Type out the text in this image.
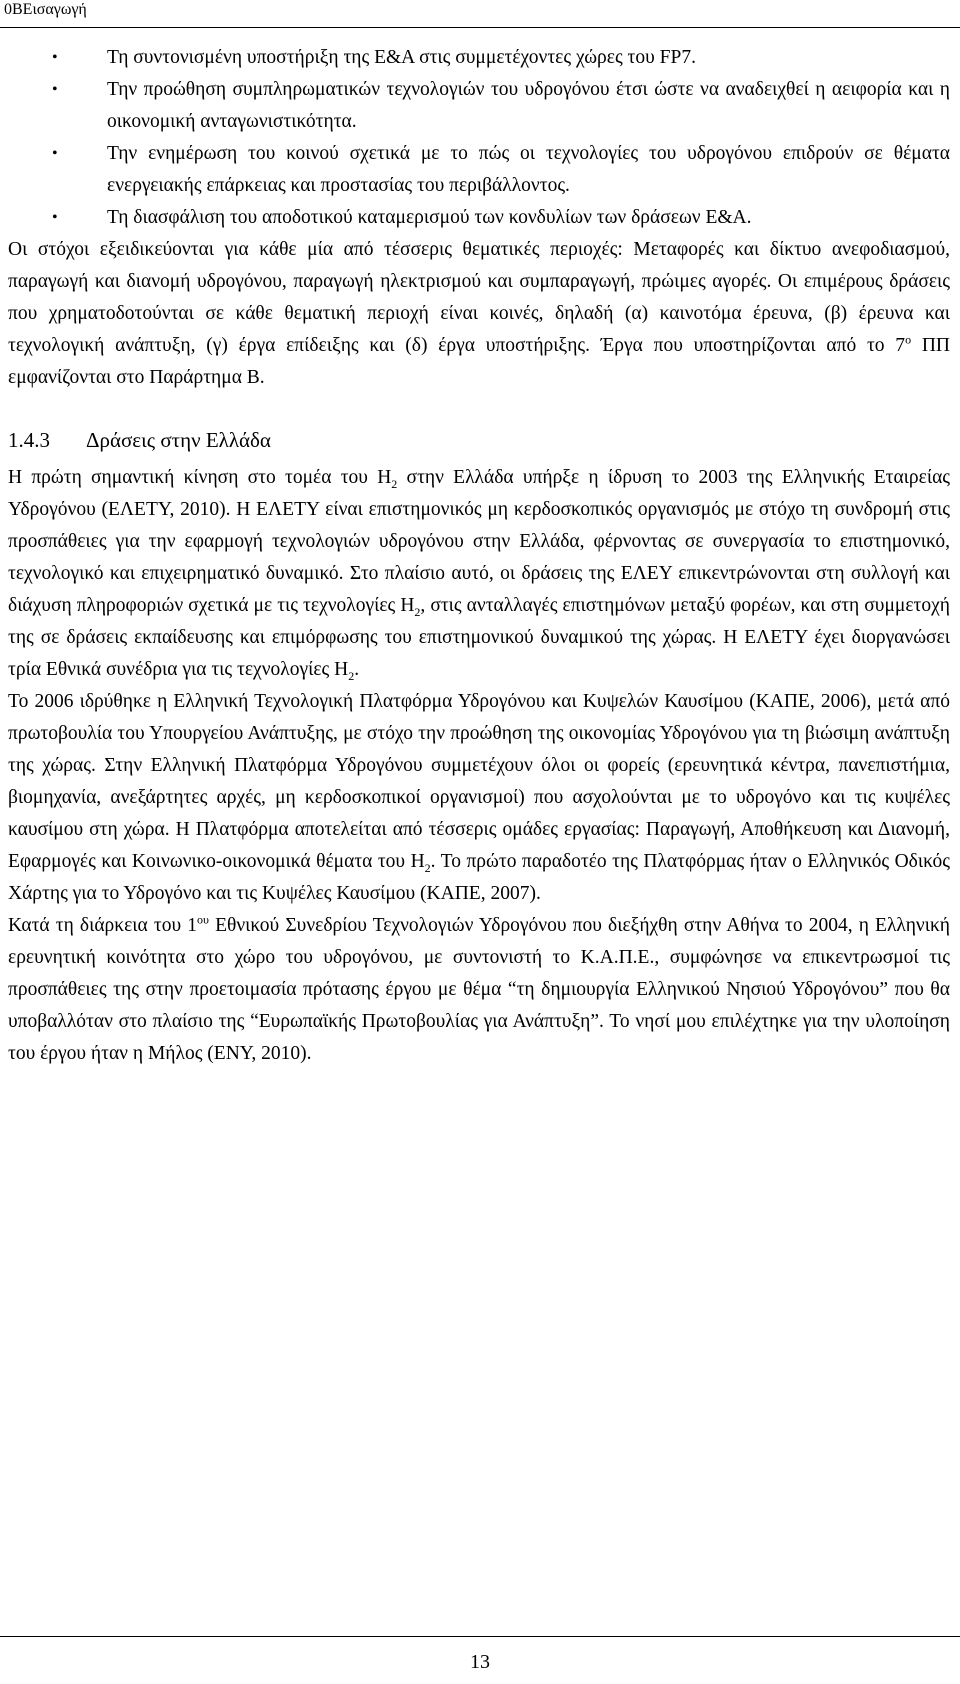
0ΒΕισαγωγή
•	Τη συντονισμένη υποστήριξη της Ε&Α στις συμμετέχοντες χώρες του FP7.
•	Την προώθηση συμπληρωματικών τεχνολογιών του υδρογόνου έτσι ώστε να αναδειχθεί η αειφορία και η οικονομική ανταγωνιστικότητα.
•	Την ενημέρωση του κοινού σχετικά με το πώς οι τεχνολογίες του υδρογόνου επιδρούν σε θέματα ενεργειακής επάρκειας και προστασίας του περιβάλλοντος.
•	Τη διασφάλιση του αποδοτικού καταμερισμού των κονδυλίων των δράσεων Ε&Α.

Οι στόχοι εξειδικεύονται για κάθε μία από τέσσερις θεματικές περιοχές: Μεταφορές και δίκτυο ανεφοδιασμού, παραγωγή και διανομή υδρογόνου, παραγωγή ηλεκτρισμού και συμπαραγωγή, πρώιμες αγορές. Οι επιμέρους δράσεις που χρηματοδοτούνται σε κάθε θεματική περιοχή είναι κοινές, δηλαδή (α) καινοτόμα έρευνα, (β) έρευνα και τεχνολογική ανάπτυξη, (γ) έργα επίδειξης και (δ) έργα υποστήριξης. Έργα που υποστηρίζονται από το $7^o$ ΠΠ εμφανίζονται στο Παράρτημα Β.

1.4.3 Δράσεις στην Ελλάδα

Η πρώτη σημαντική κίνηση στο τομέα του $H_2$ στην Ελλάδα υπήρξε η ίδρυση το 2003 της Ελληνικής Εταιρείας Υδρογόνου (ΕΛΕΤΥ, 2010). Η ΕΛΕΤΥ είναι επιστημονικός μη κερδοσκοπικός οργανισμός με στόχο τη συνδρομή στις προσπάθειες για την εφαρμογή τεχνολογιών υδρογόνου στην Ελλάδα, φέρνοντας σε συνεργασία το επιστημονικό, τεχνολογικό και επιχειρηματικό δυναμικό. Στο πλαίσιο αυτό, οι δράσεις της ΕΛΕΥ επικεντρώνονται στη συλλογή και διάχυση πληροφοριών σχετικά με τις τεχνολογίες $H_2$, στις ανταλλαγές επιστημόνων μεταξύ φορέων, και στη συμμετοχή της σε δράσεις εκπαίδευσης και επιμόρφωσης του επιστημονικού δυναμικού της χώρας. Η ΕΛΕΤΥ έχει διοργανώσει τρία Εθνικά συνέδρια για τις τεχνολογίες $H_2$.

Το 2006 ιδρύθηκε η Ελληνική Τεχνολογική Πλατφόρμα Υδρογόνου και Κυψελών Καυσίμου (ΚΑΠΕ, 2006), μετά από πρωτοβουλία του Υπουργείου Ανάπτυξης, με στόχο την προώθηση της οικονομίας Υδρογόνου για τη βιώσιμη ανάπτυξη της χώρας. Στην Ελληνική Πλατφόρμα Υδρογόνου συμμετέχουν όλοι οι φορείς (ερευνητικά κέντρα, πανεπιστήμια, βιομηχανία, ανεξάρτητες αρχές, μη κερδοσκοπικοί οργανισμοί) που ασχολούνται με το υδρογόνο και τις κυψέλες καυσίμου στη χώρα. Η Πλατφόρμα αποτελείται από τέσσερις ομάδες εργασίας: Παραγωγή, Αποθήκευση και Διανομή, Εφαρμογές και Κοινωνικο-οικονομικά θέματα του $H_2$. Το πρώτο παραδοτέο της Πλατφόρμας ήταν ο Ελληνικός Οδικός Χάρτης για το Υδρογόνο και τις Κυψέλες Καυσίμου (ΚΑΠΕ, 2007).

Κατά τη διάρκεια του $1^{o\upsilon}$ Εθνικού Συνεδρίου Τεχνολογιών Υδρογόνου που διεξήχθη στην Αθήνα το 2004, η Ελληνική ερευνητική κοινότητα στο χώρο του υδρογόνου, με συντονιστή το Κ.Α.Π.Ε., συμφώνησε να επικεντρωσμοί τις προσπάθειες της στην προετοιμασία πρότασης έργου με θέμα “τη δημιουργία Ελληνικού Νησιού Υδρογόνου” που θα υποβαλλόταν στο πλαίσιο της “Ευρωπαϊκής Πρωτοβουλίας για Ανάπτυξη”. Το νησί μου επιλέχτηκε για την υλοποίηση του έργου ήταν η Μήλος (ΕΝΥ, 2010).

13
